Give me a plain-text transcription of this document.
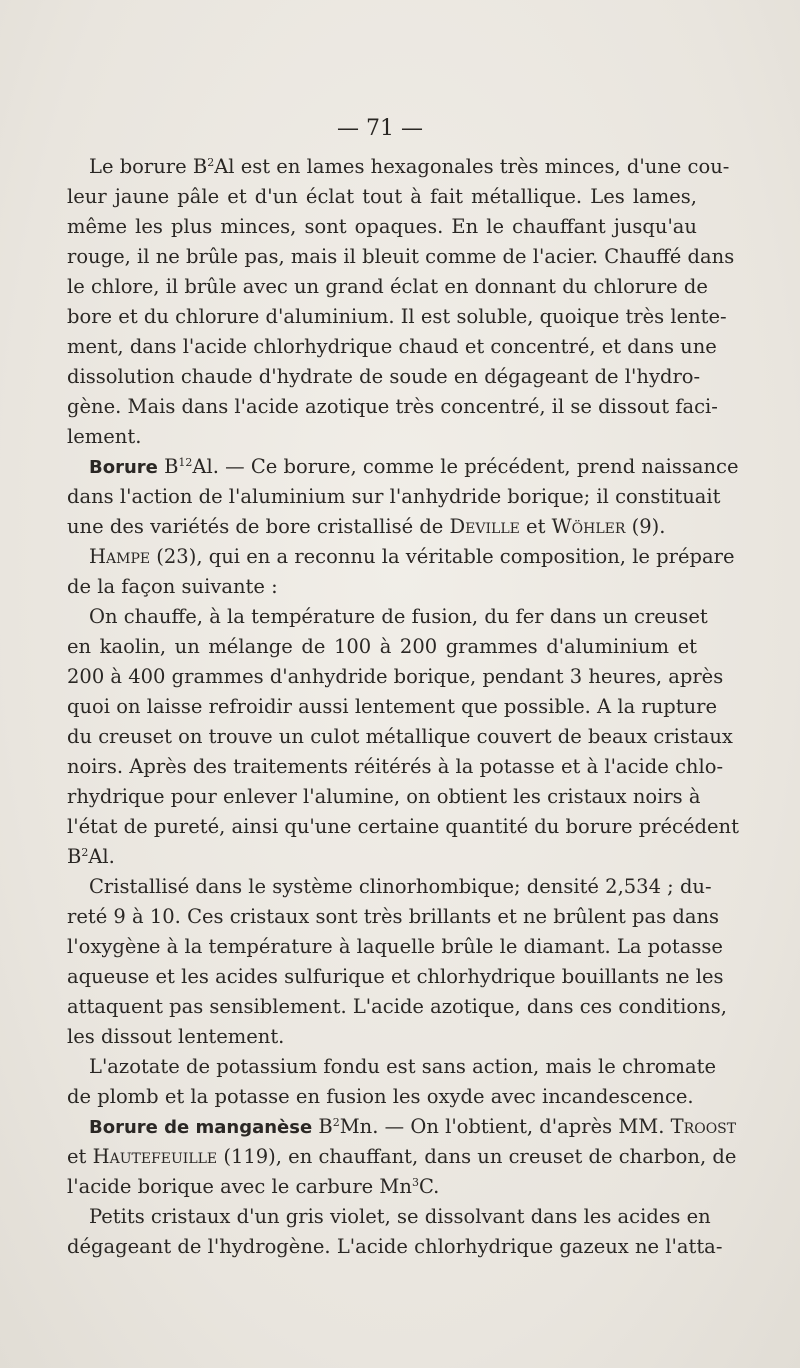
— 71 —
Le borure $B^2Al$ est en lames hexagonales très minces, d'une cou-
leur jaune pâle et d'un éclat tout à fait métallique. Les lames,
même les plus minces, sont opaques. En le chauffant jusqu'au
rouge, il ne brûle pas, mais il bleuit comme de l'acier. Chauffé dans
le chlore, il brûle avec un grand éclat en donnant du chlorure de
bore et du chlorure d'aluminium. Il est soluble, quoique très lente-
ment, dans l'acide chlorhydrique chaud et concentré, et dans une
dissolution chaude d'hydrate de soude en dégageant de l'hydro-
gène. Mais dans l'acide azotique très concentré, il se dissout faci-
lement.
Borure $B^{12}Al$. — Ce borure, comme le précédent, prend naissance
dans l'action de l'aluminium sur l'anhydride borique; il constituait
une des variétés de bore cristallisé de Deville et Wöhler (9).
Hampe (23), qui en a reconnu la véritable composition, le prépare
de la façon suivante :
On chauffe, à la température de fusion, du fer dans un creuset
en kaolin, un mélange de 100 à 200 grammes d'aluminium et
200 à 400 grammes d'anhydride borique, pendant 3 heures, après
quoi on laisse refroidir aussi lentement que possible. A la rupture
du creuset on trouve un culot métallique couvert de beaux cristaux
noirs. Après des traitements réitérés à la potasse et à l'acide chlo-
rhydrique pour enlever l'alumine, on obtient les cristaux noirs à
l'état de pureté, ainsi qu'une certaine quantité du borure précédent
$B^2Al$.
Cristallisé dans le système clinorhombique; densité 2,534 ; du-
reté 9 à 10. Ces cristaux sont très brillants et ne brûlent pas dans
l'oxygène à la température à laquelle brûle le diamant. La potasse
aqueuse et les acides sulfurique et chlorhydrique bouillants ne les
attaquent pas sensiblement. L'acide azotique, dans ces conditions,
les dissout lentement.
L'azotate de potassium fondu est sans action, mais le chromate
de plomb et la potasse en fusion les oxyde avec incandescence.
Borure de manganèse $B^2Mn$. — On l'obtient, d'après MM. Troost
et Hautefeuille (119), en chauffant, dans un creuset de charbon, de
l'acide borique avec le carbure Mn$^3$C.
Petits cristaux d'un gris violet, se dissolvant dans les acides en
dégageant de l'hydrogène. L'acide chlorhydrique gazeux ne l'atta-
